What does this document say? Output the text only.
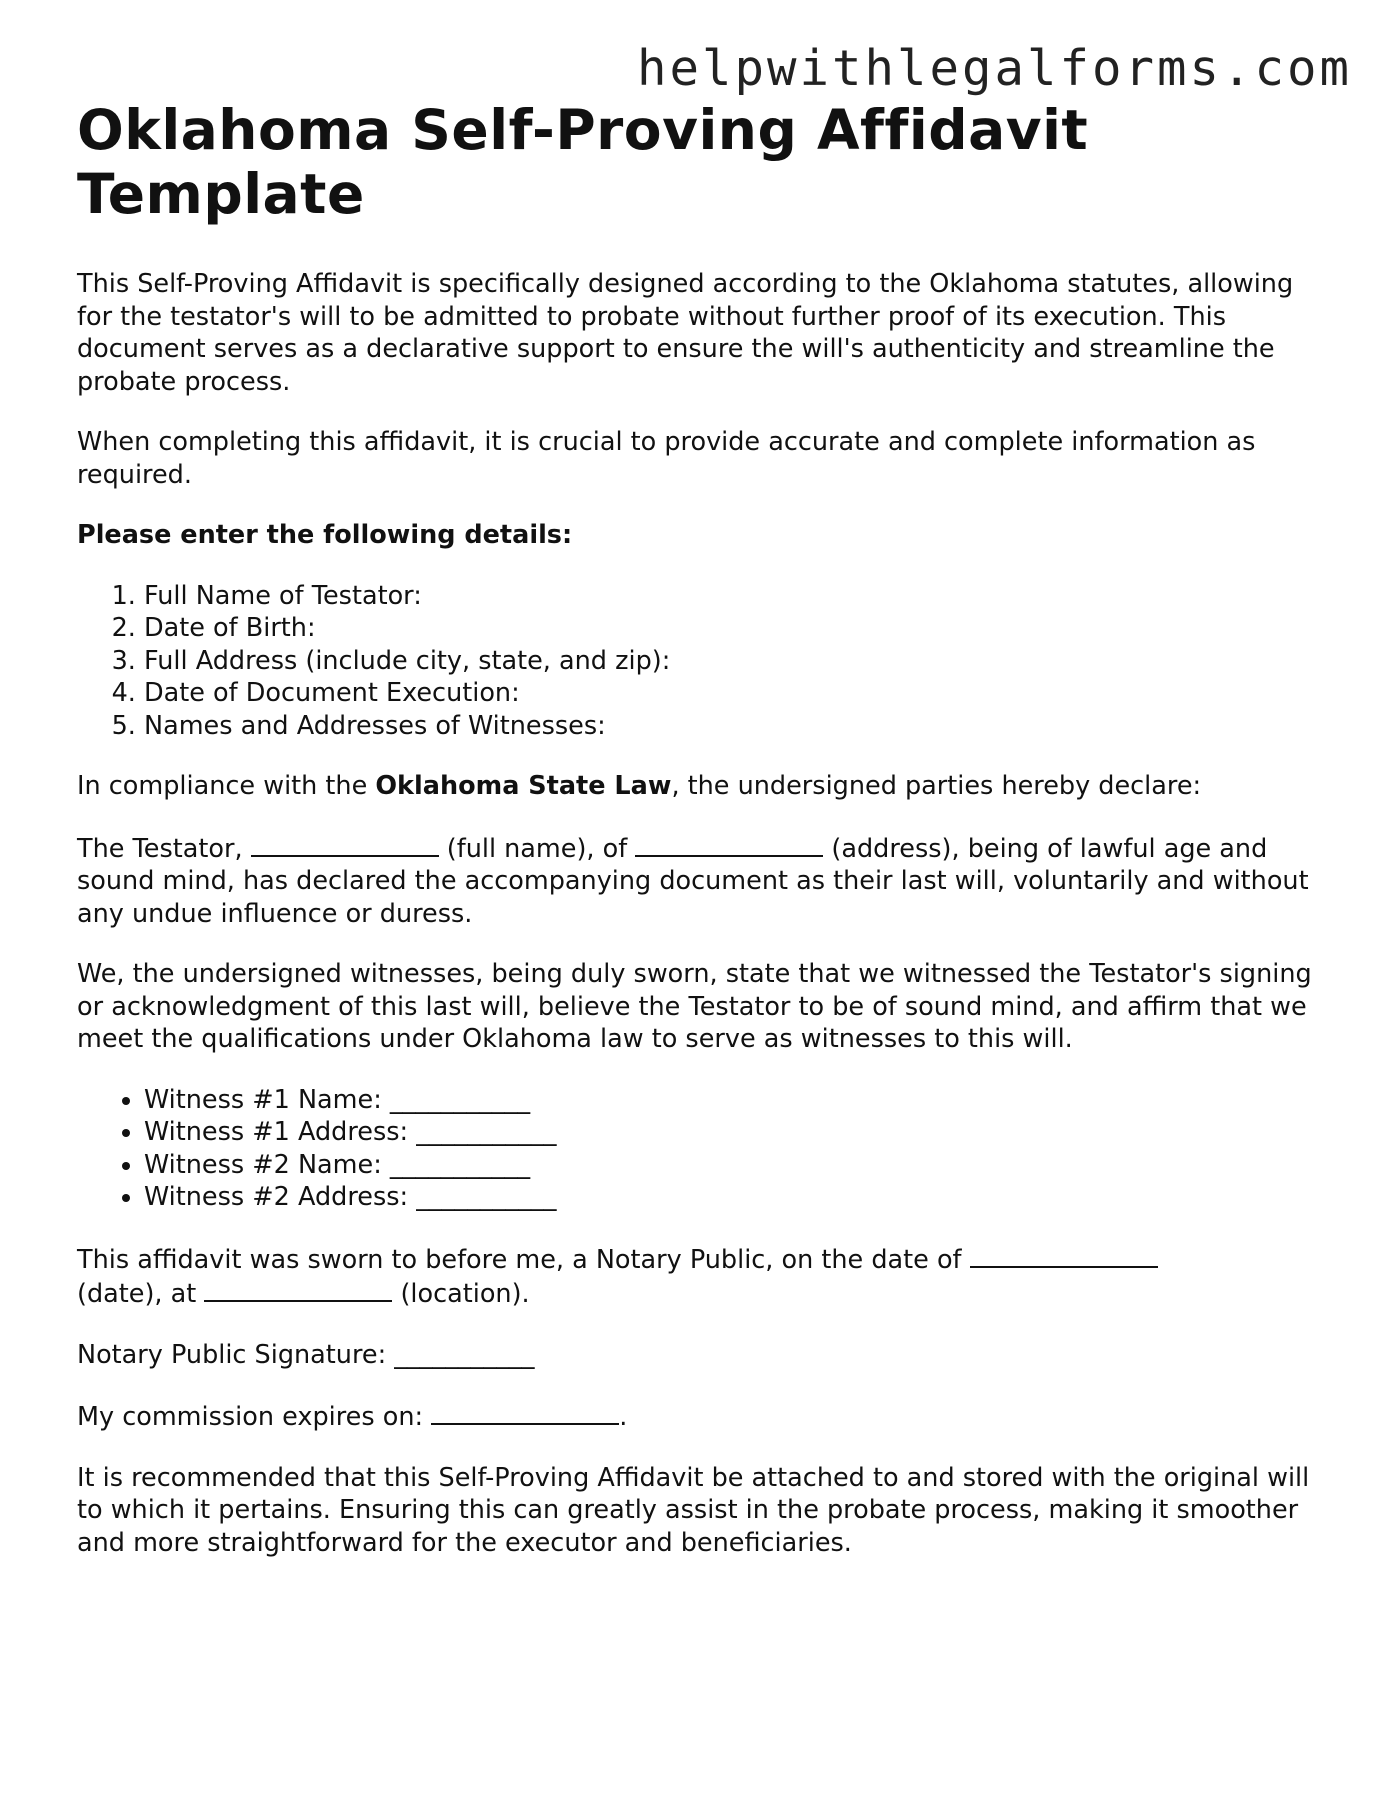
helpwithlegalforms.com
Oklahoma Self-Proving Affidavit Template

This Self-Proving Affidavit is specifically designed according to the Oklahoma statutes, allowing for the testator's will to be admitted to probate without further proof of its execution. This document serves as a declarative support to ensure the will's authenticity and streamline the probate process.

When completing this affidavit, it is crucial to provide accurate and complete information as required.

Please enter the following details:

1. Full Name of Testator:
2. Date of Birth:
3. Full Address (include city, state, and zip):
4. Date of Document Execution:
5. Names and Addresses of Witnesses:

In compliance with the Oklahoma State Law, the undersigned parties hereby declare:

The Testator,	(full name), of	(address), being of lawful age and sound mind, has declared the accompanying document as their last will, voluntarily and without any undue influence or duress.

We, the undersigned witnesses, being duly sworn, state that we witnessed the Testator's signing or acknowledgment of this last will, believe the Testator to be of sound mind, and affirm that we meet the qualifications under Oklahoma law to serve as witnesses to this will.

• Witness #1 Name: ___________
• Witness #1 Address: ___________
• Witness #2 Name: ___________
• Witness #2 Address: ___________

This affidavit was sworn to before me, a Notary Public, on the date of
(date), at	(location).

Notary Public Signature: ___________

My commission expires on:	.

It is recommended that this Self-Proving Affidavit be attached to and stored with the original will to which it pertains. Ensuring this can greatly assist in the probate process, making it smoother and more straightforward for the executor and beneficiaries.
